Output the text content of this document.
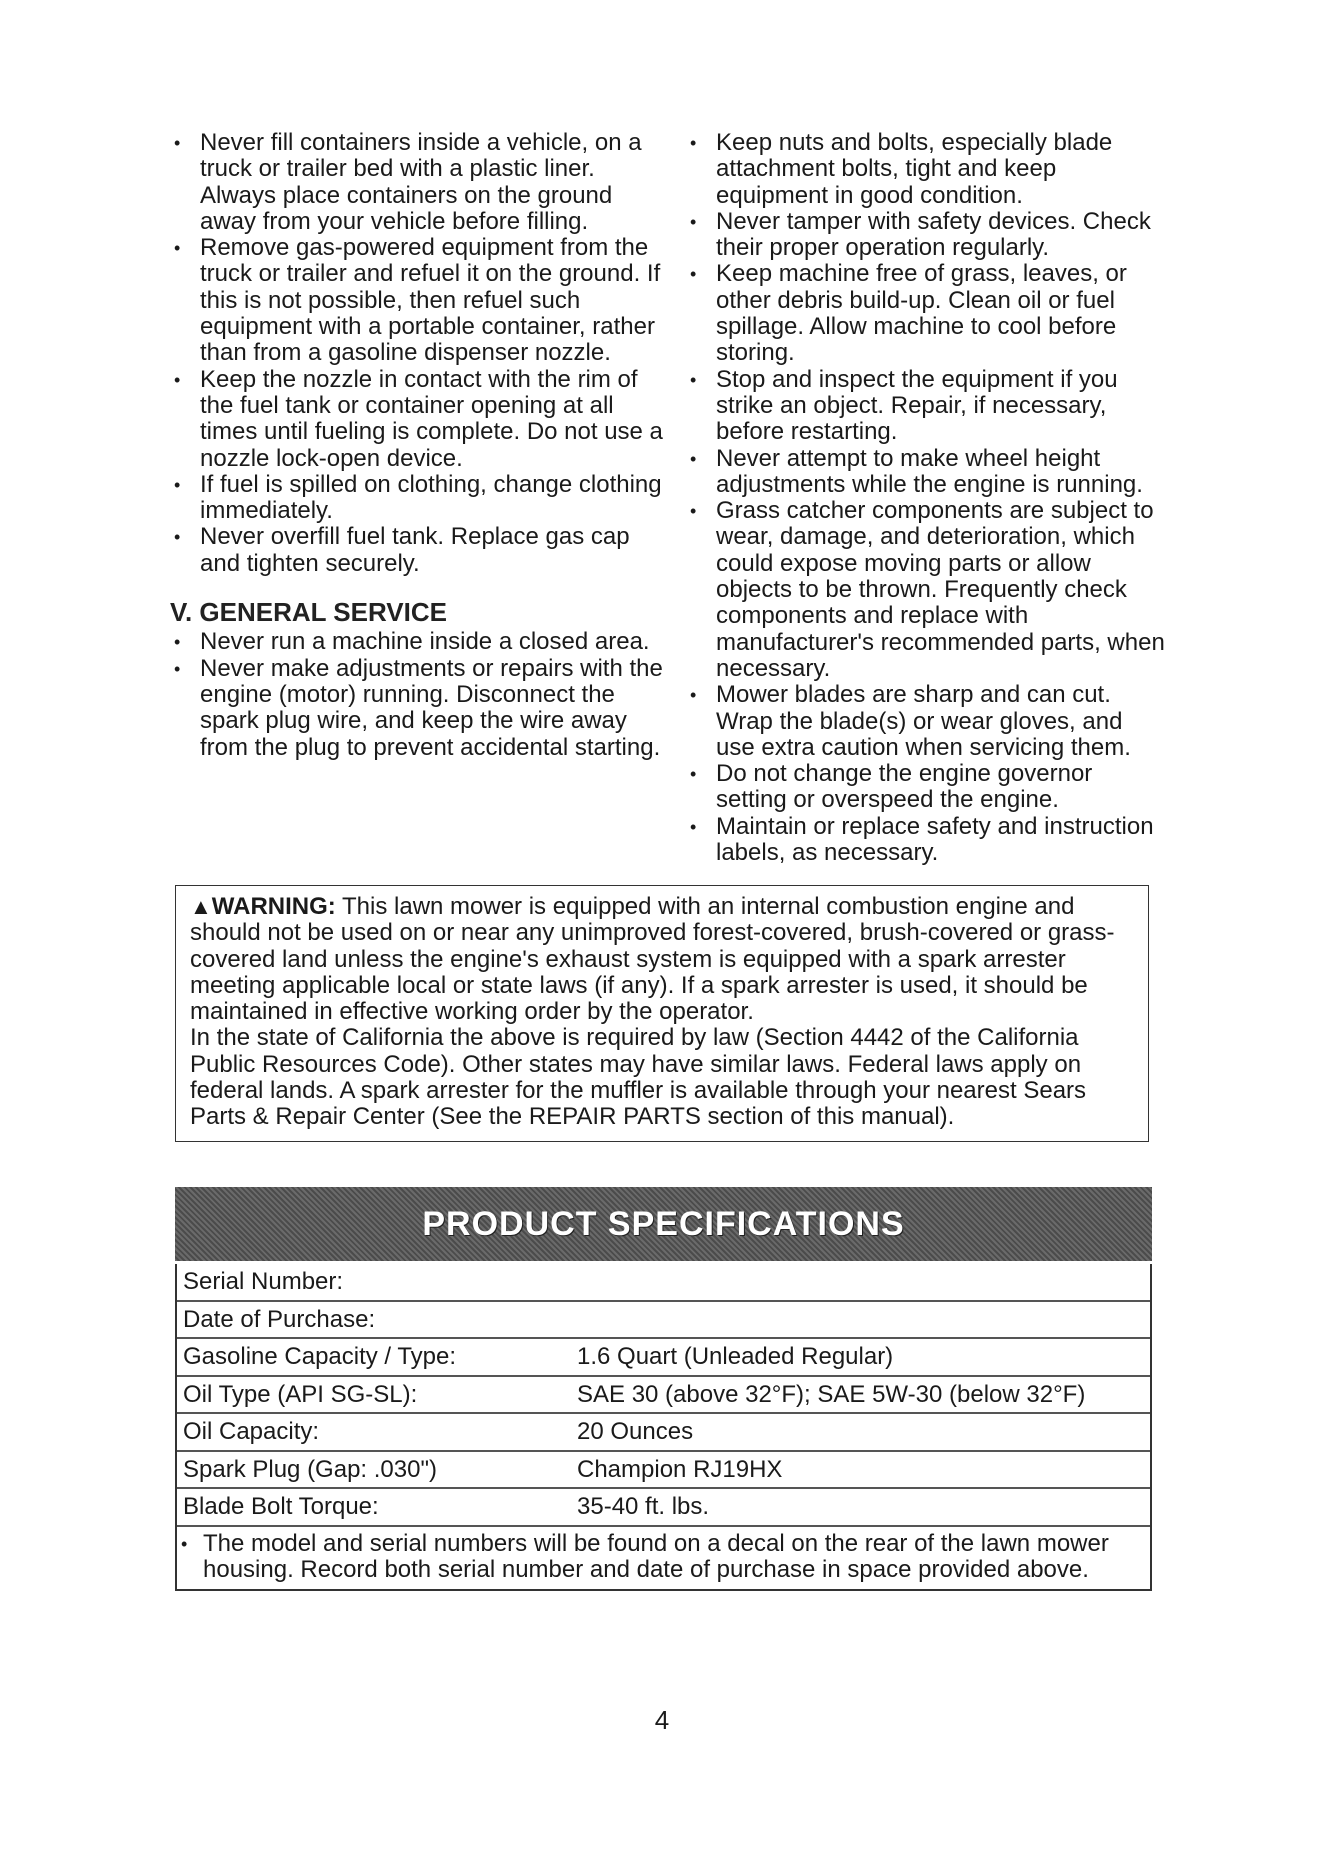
• Never fill containers inside a vehicle, on a truck or trailer bed with a plastic liner. Always place containers on the ground away from your vehicle before filling.
• Remove gas-powered equipment from the truck or trailer and refuel it on the ground. If this is not possible, then refuel such equipment with a portable container, rather than from a gasoline dispenser nozzle.
• Keep the nozzle in contact with the rim of the fuel tank or container opening at all times until fueling is complete. Do not use a nozzle lock-open device.
• If fuel is spilled on clothing, change clothing immediately.
• Never overfill fuel tank. Replace gas cap and tighten securely.
V. GENERAL SERVICE
• Never run a machine inside a closed area.
• Never make adjustments or repairs with the engine (motor) running. Disconnect the spark plug wire, and keep the wire away from the plug to prevent accidental starting.
• Keep nuts and bolts, especially blade attachment bolts, tight and keep equipment in good condition.
• Never tamper with safety devices. Check their proper operation regularly.
• Keep machine free of grass, leaves, or other debris build-up. Clean oil or fuel spillage. Allow machine to cool before storing.
• Stop and inspect the equipment if you strike an object. Repair, if necessary, before restarting.
• Never attempt to make wheel height adjustments while the engine is running.
• Grass catcher components are subject to wear, damage, and deterioration, which could expose moving parts or allow objects to be thrown. Frequently check components and replace with manufacturer's recommended parts, when necessary.
• Mower blades are sharp and can cut. Wrap the blade(s) or wear gloves, and use extra caution when servicing them.
• Do not change the engine governor setting or overspeed the engine.
• Maintain or replace safety and instruction labels, as necessary.
▲WARNING: This lawn mower is equipped with an internal combustion engine and should not be used on or near any unimproved forest-covered, brush-covered or grass-covered land unless the engine's exhaust system is equipped with a spark arrester meeting applicable local or state laws (if any). If a spark arrester is used, it should be maintained in effective working order by the operator.
In the state of California the above is required by law (Section 4442 of the California Public Resources Code). Other states may have similar laws. Federal laws apply on federal lands. A spark arrester for the muffler is available through your nearest Sears Parts & Repair Center (See the REPAIR PARTS section of this manual).
PRODUCT SPECIFICATIONS
Serial Number:
Date of Purchase:
Gasoline Capacity / Type:	1.6 Quart (Unleaded Regular)
Oil Type (API SG-SL):	SAE 30 (above 32°F); SAE 5W-30 (below 32°F)
Oil Capacity:	20 Ounces
Spark Plug (Gap: .030")	Champion RJ19HX
Blade Bolt Torque:	35-40 ft. lbs.
• The model and serial numbers will be found on a decal on the rear of the lawn mower housing. Record both serial number and date of purchase in space provided above.
4
